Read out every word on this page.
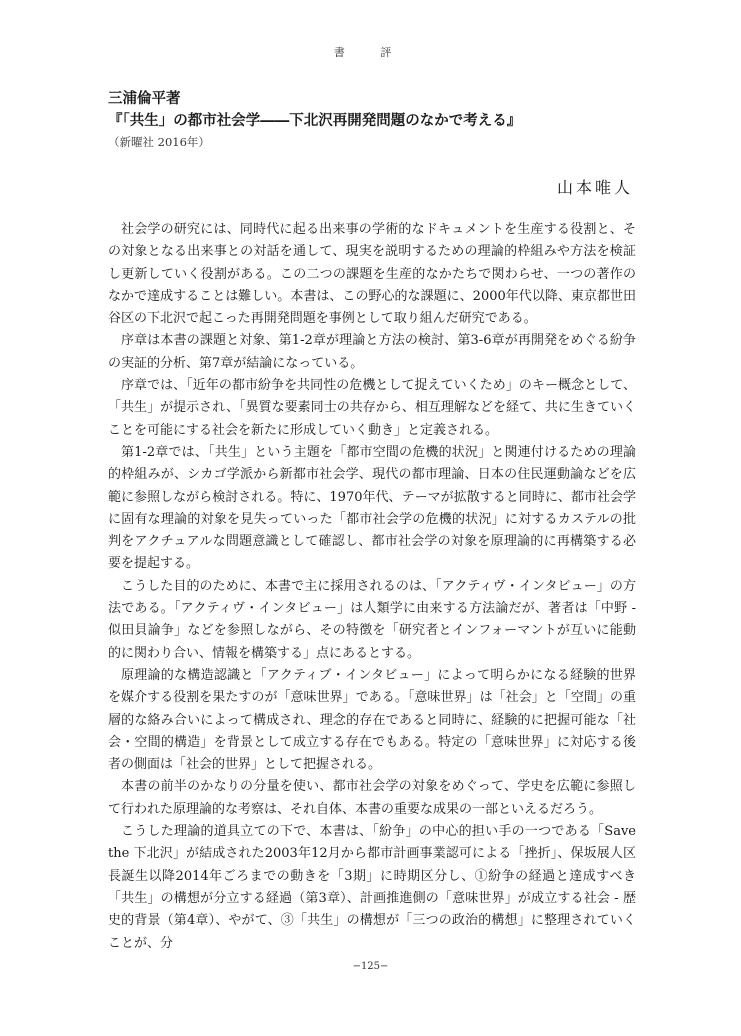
書 評

三浦倫平著

『「共生」の都市社会学――下北沢再開発問題のなかで考える』

（新曜社 2016年）

山本唯人

社会学の研究には、同時代に起る出来事の学術的なドキュメントを生産する役割と、その対象となる出来事との対話を通して、現実を説明するための理論的枠組みや方法を検証し更新していく役割がある。この二つの課題を生産的なかたちで関わらせ、一つの著作のなかで達成することは難しい。本書は、この野心的な課題に、2000年代以降、東京都世田谷区の下北沢で起こった再開発問題を事例として取り組んだ研究である。

序章は本書の課題と対象、第1-2章が理論と方法の検討、第3-6章が再開発をめぐる紛争の実証的分析、第7章が結論になっている。

序章では、「近年の都市紛争を共同性の危機として捉えていくため」のキー概念として、「共生」が提示され、「異質な要素同士の共存から、相互理解などを経て、共に生きていくことを可能にする社会を新たに形成していく動き」と定義される。

第1-2章では、「共生」という主題を「都市空間の危機的状況」と関連付けるための理論的枠組みが、シカゴ学派から新都市社会学、現代の都市理論、日本の住民運動論などを広範に参照しながら検討される。特に、1970年代、テーマが拡散すると同時に、都市社会学に固有な理論的対象を見失っていった「都市社会学の危機的状況」に対するカステルの批判をアクチュアルな問題意識として確認し、都市社会学の対象を原理論的に再構築する必要を提起する。

こうした目的のために、本書で主に採用されるのは、「アクティヴ・インタビュー」の方法である。「アクティヴ・インタビュー」は人類学に由来する方法論だが、著者は「中野 - 似田貝論争」などを参照しながら、その特徴を「研究者とインフォーマントが互いに能動的に関わり合い、情報を構築する」点にあるとする。

原理論的な構造認識と「アクティブ・インタビュー」によって明らかになる経験的世界を媒介する役割を果たすのが「意味世界」である。「意味世界」は「社会」と「空間」の重層的な絡み合いによって構成され、理念的存在であると同時に、経験的に把握可能な「社会・空間的構造」を背景として成立する存在でもある。特定の「意味世界」に対応する後者の側面は「社会的世界」として把握される。

本書の前半のかなりの分量を使い、都市社会学の対象をめぐって、学史を広範に参照して行われた原理論的な考察は、それ自体、本書の重要な成果の一部といえるだろう。

こうした理論的道具立ての下で、本書は、「紛争」の中心的担い手の一つである「Save the 下北沢」が結成された2003年12月から都市計画事業認可による「挫折」、保坂展人区長誕生以降2014年ごろまでの動きを「3期」に時期区分し、①紛争の経過と達成すべき「共生」の構想が分立する経過（第3章）、計画推進側の「意味世界」が成立する社会 - 歴史的背景（第4章）、やがて、③「共生」の構想が「三つの政治的構想」に整理されていくことが、分

−125−
